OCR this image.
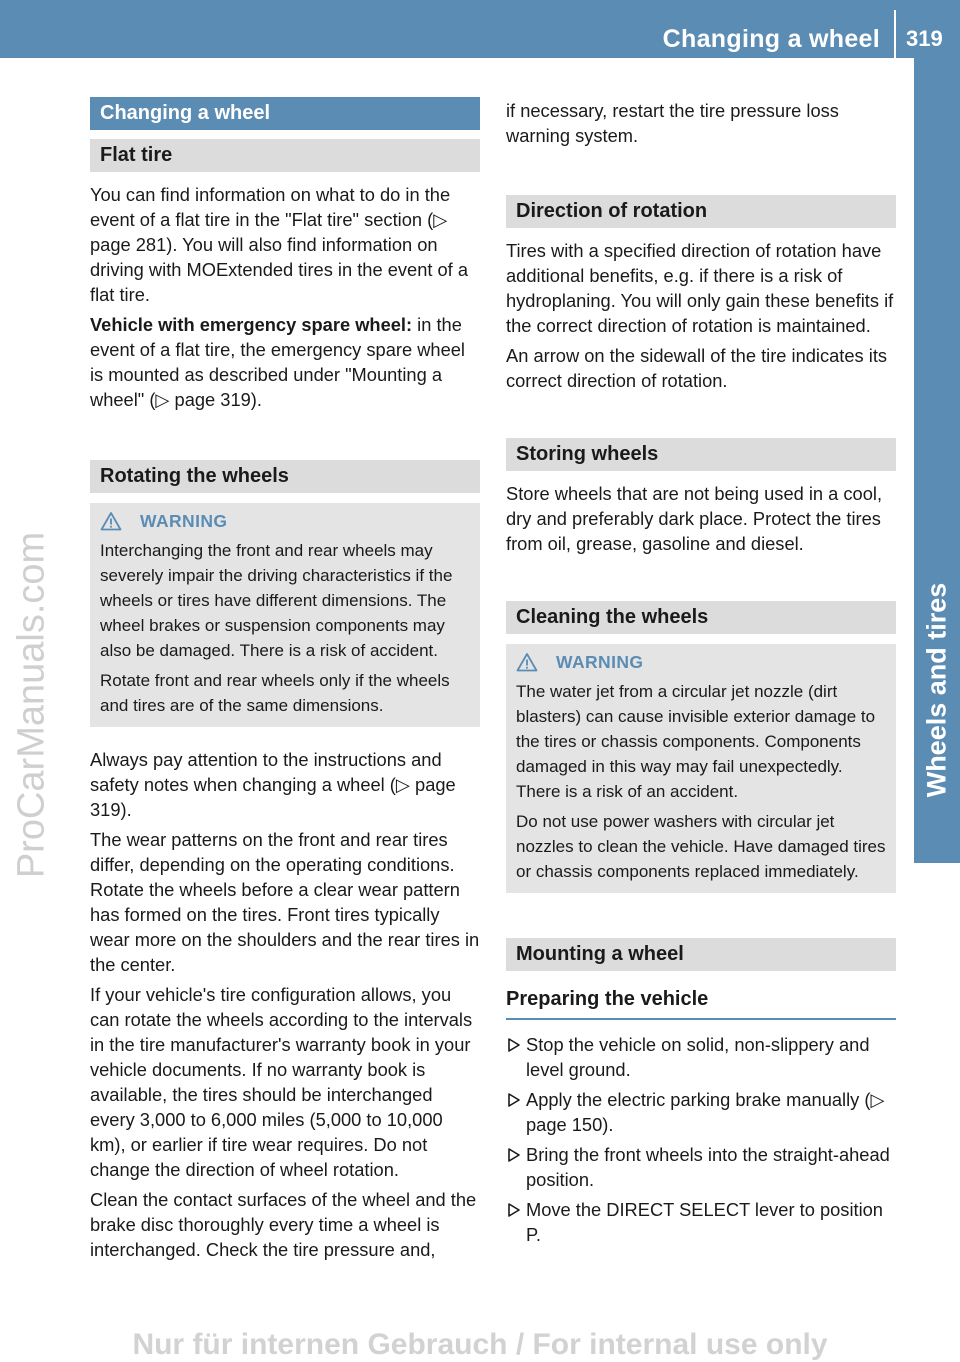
Changing a wheel 319
Wheels and tires
ProCarManuals.com
Nur für internen Gebrauch / For internal use only
Changing a wheel
Flat tire

You can find information on what to do in the event of a flat tire in the "Flat tire" section (▷ page 281). You will also find information on driving with MOExtended tires in the event of a flat tire.

Vehicle with emergency spare wheel: in the event of a flat tire, the emergency spare wheel is mounted as described under "Mounting a wheel" (▷ page 319).

Rotating the wheels
WARNING

Interchanging the front and rear wheels may severely impair the driving characteristics if the wheels or tires have different dimensions. The wheel brakes or suspension components may also be damaged. There is a risk of accident.

Rotate front and rear wheels only if the wheels and tires are of the same dimensions.

Always pay attention to the instructions and safety notes when changing a wheel (▷ page 319).

The wear patterns on the front and rear tires differ, depending on the operating conditions. Rotate the wheels before a clear wear pattern has formed on the tires. Front tires typically wear more on the shoulders and the rear tires in the center.

If your vehicle's tire configuration allows, you can rotate the wheels according to the intervals in the tire manufacturer's warranty book in your vehicle documents. If no warranty book is available, the tires should be interchanged every 3,000 to 6,000 miles (5,000 to 10,000 km), or earlier if tire wear requires. Do not change the direction of wheel rotation.

Clean the contact surfaces of the wheel and the brake disc thoroughly every time a wheel is interchanged. Check the tire pressure and,

if necessary, restart the tire pressure loss warning system.

Direction of rotation

Tires with a specified direction of rotation have additional benefits, e.g. if there is a risk of hydroplaning. You will only gain these benefits if the correct direction of rotation is maintained.

An arrow on the sidewall of the tire indicates its correct direction of rotation.

Storing wheels

Store wheels that are not being used in a cool, dry and preferably dark place. Protect the tires from oil, grease, gasoline and diesel.

Cleaning the wheels
WARNING

The water jet from a circular jet nozzle (dirt blasters) can cause invisible exterior damage to the tires or chassis components. Components damaged in this way may fail unexpectedly. There is a risk of an accident.

Do not use power washers with circular jet nozzles to clean the vehicle. Have damaged tires or chassis components replaced immediately.

Mounting a wheel
Preparing the vehicle
Stop the vehicle on solid, non-slippery and level ground.
Apply the electric parking brake manually (▷ page 150).
Bring the front wheels into the straight-ahead position.
Move the DIRECT SELECT lever to position P.
